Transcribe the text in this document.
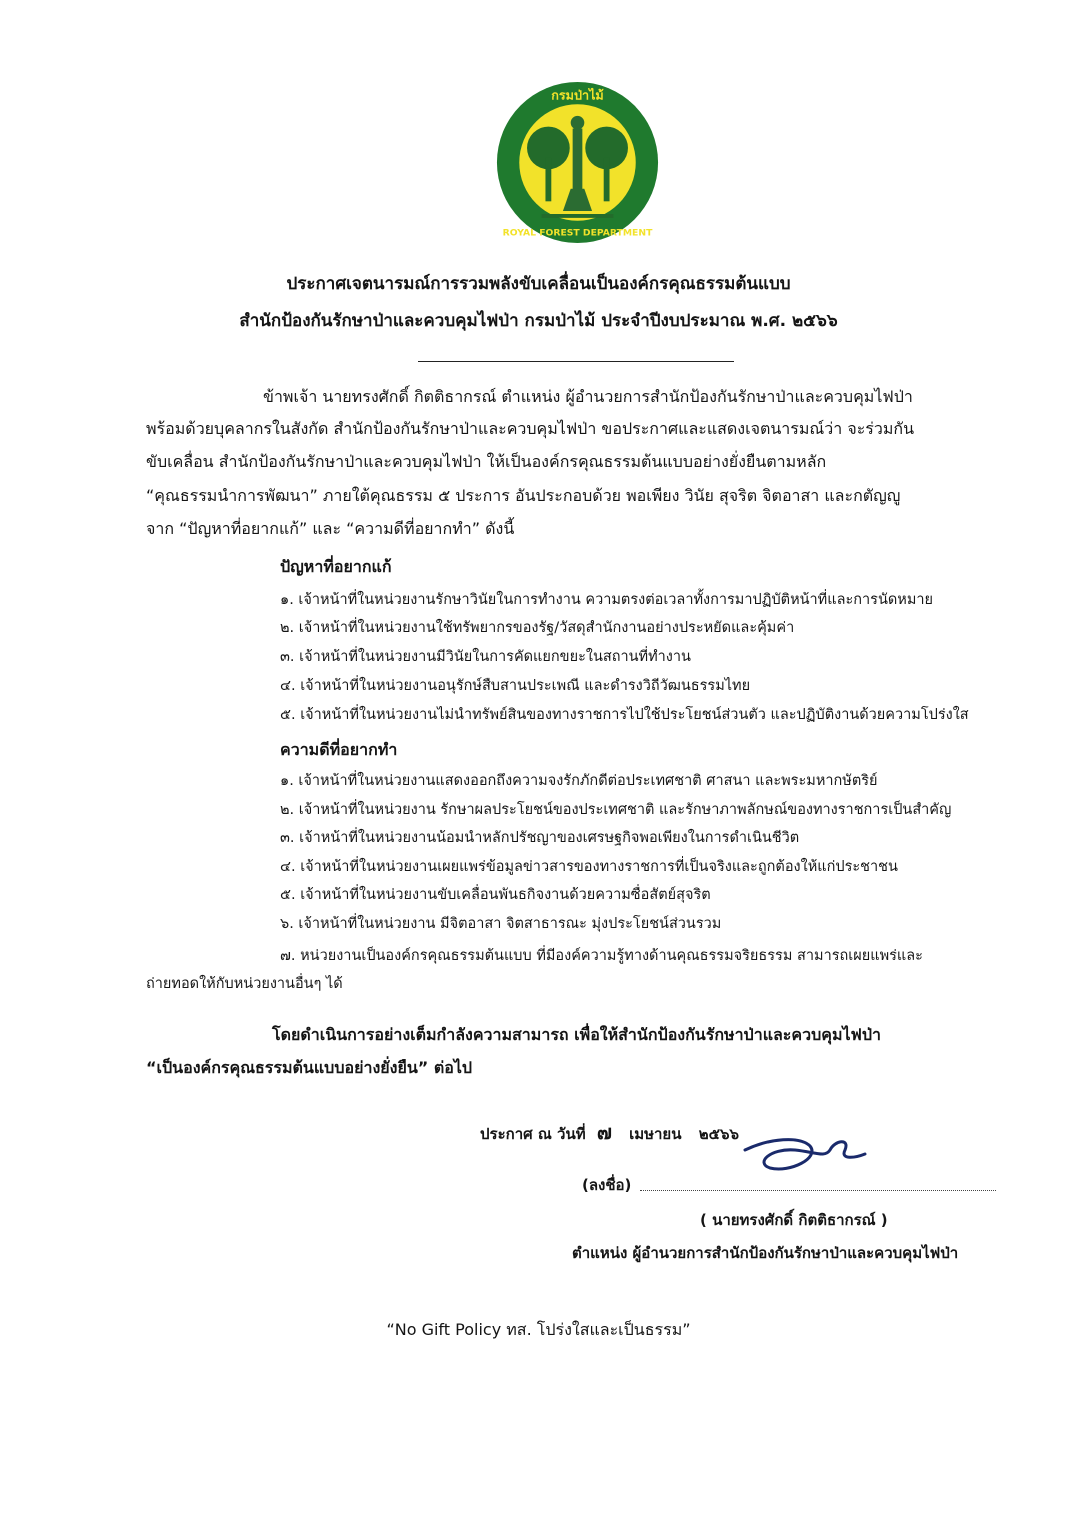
กรมป่าไม้
ROYAL FOREST DEPARTMENT
ประกาศเจตนารมณ์การรวมพลังขับเคลื่อนเป็นองค์กรคุณธรรมต้นแบบ
สำนักป้องกันรักษาป่าและควบคุมไฟป่า กรมป่าไม้ ประจำปีงบประมาณ พ.ศ. ๒๕๖๖
ข้าพเจ้า นายทรงศักดิ์ กิตติธากรณ์ ตำแหน่ง ผู้อำนวยการสำนักป้องกันรักษาป่าและควบคุมไฟป่า
พร้อมด้วยบุคลากรในสังกัด สำนักป้องกันรักษาป่าและควบคุมไฟป่า ขอประกาศและแสดงเจตนารมณ์ว่า จะร่วมกัน
ขับเคลื่อน สำนักป้องกันรักษาป่าและควบคุมไฟป่า ให้เป็นองค์กรคุณธรรมต้นแบบอย่างยั่งยืนตามหลัก
“คุณธรรมนำการพัฒนา” ภายใต้คุณธรรม ๕ ประการ อันประกอบด้วย พอเพียง วินัย สุจริต จิตอาสา และกตัญญู
จาก “ปัญหาที่อยากแก้” และ “ความดีที่อยากทำ” ดังนี้
ปัญหาที่อยากแก้
๑. เจ้าหน้าที่ในหน่วยงานรักษาวินัยในการทำงาน ความตรงต่อเวลาทั้งการมาปฏิบัติหน้าที่และการนัดหมาย
๒. เจ้าหน้าที่ในหน่วยงานใช้ทรัพยากรของรัฐ/วัสดุสำนักงานอย่างประหยัดและคุ้มค่า
๓. เจ้าหน้าที่ในหน่วยงานมีวินัยในการคัดแยกขยะในสถานที่ทำงาน
๔. เจ้าหน้าที่ในหน่วยงานอนุรักษ์สืบสานประเพณี และดำรงวิถีวัฒนธรรมไทย
๕. เจ้าหน้าที่ในหน่วยงานไม่นำทรัพย์สินของทางราชการไปใช้ประโยชน์ส่วนตัว และปฏิบัติงานด้วยความโปร่งใส
ความดีที่อยากทำ
๑. เจ้าหน้าที่ในหน่วยงานแสดงออกถึงความจงรักภักดีต่อประเทศชาติ ศาสนา และพระมหากษัตริย์
๒. เจ้าหน้าที่ในหน่วยงาน รักษาผลประโยชน์ของประเทศชาติ และรักษาภาพลักษณ์ของทางราชการเป็นสำคัญ
๓. เจ้าหน้าที่ในหน่วยงานน้อมนำหลักปรัชญาของเศรษฐกิจพอเพียงในการดำเนินชีวิต
๔. เจ้าหน้าที่ในหน่วยงานเผยแพร่ข้อมูลข่าวสารของทางราชการที่เป็นจริงและถูกต้องให้แก่ประชาชน
๕. เจ้าหน้าที่ในหน่วยงานขับเคลื่อนพันธกิจงานด้วยความซื่อสัตย์สุจริต
๖. เจ้าหน้าที่ในหน่วยงาน มีจิตอาสา จิตสาธารณะ มุ่งประโยชน์ส่วนรวม
๗. หน่วยงานเป็นองค์กรคุณธรรมต้นแบบ ที่มีองค์ความรู้ทางด้านคุณธรรมจริยธรรม สามารถเผยแพร่และ
ถ่ายทอดให้กับหน่วยงานอื่นๆ ได้
โดยดำเนินการอย่างเต็มกำลังความสามารถ เพื่อให้สำนักป้องกันรักษาป่าและควบคุมไฟป่า
“เป็นองค์กรคุณธรรมต้นแบบอย่างยั่งยืน” ต่อไป
ประกาศ ณ วันที่ ๗ เมษายน ๒๕๖๖
(ลงชื่อ)
( นายทรงศักดิ์ กิตติธากรณ์ )
ตำแหน่ง ผู้อำนวยการสำนักป้องกันรักษาป่าและควบคุมไฟป่า
“No Gift Policy ทส. โปร่งใสและเป็นธรรม”
